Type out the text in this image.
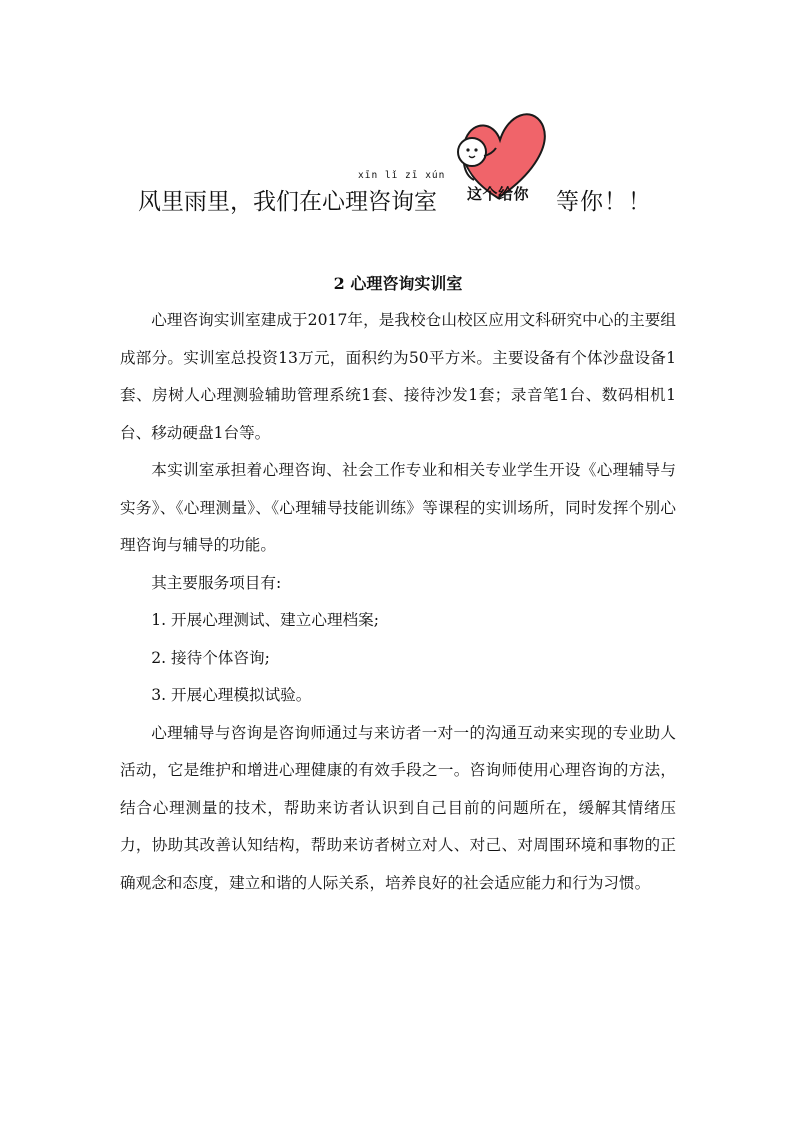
风里雨里，我们在心理咨询室	等你！！
xīn lǐ zī xún
这个给你
2 心理咨询实训室

心理咨询实训室建成于2017年，是我校仓山校区应用文科研究中心的主要组成部分。实训室总投资13万元，面积约为50平方米。主要设备有个体沙盘设备1套、房树人心理测验辅助管理系统1套、接待沙发1套；录音笔1台、数码相机1台、移动硬盘1台等。

本实训室承担着心理咨询、社会工作专业和相关专业学生开设《心理辅导与实务》、《心理测量》、《心理辅导技能训练》等课程的实训场所，同时发挥个别心理咨询与辅导的功能。

其主要服务项目有:

1. 开展心理测试、建立心理档案;

2. 接待个体咨询;

3. 开展心理模拟试验。

心理辅导与咨询是咨询师通过与来访者一对一的沟通互动来实现的专业助人活动，它是维护和增进心理健康的有效手段之一。咨询师使用心理咨询的方法，结合心理测量的技术，帮助来访者认识到自己目前的问题所在，缓解其情绪压力，协助其改善认知结构，帮助来访者树立对人、对己、对周围环境和事物的正确观念和态度，建立和谐的人际关系，培养良好的社会适应能力和行为习惯。
